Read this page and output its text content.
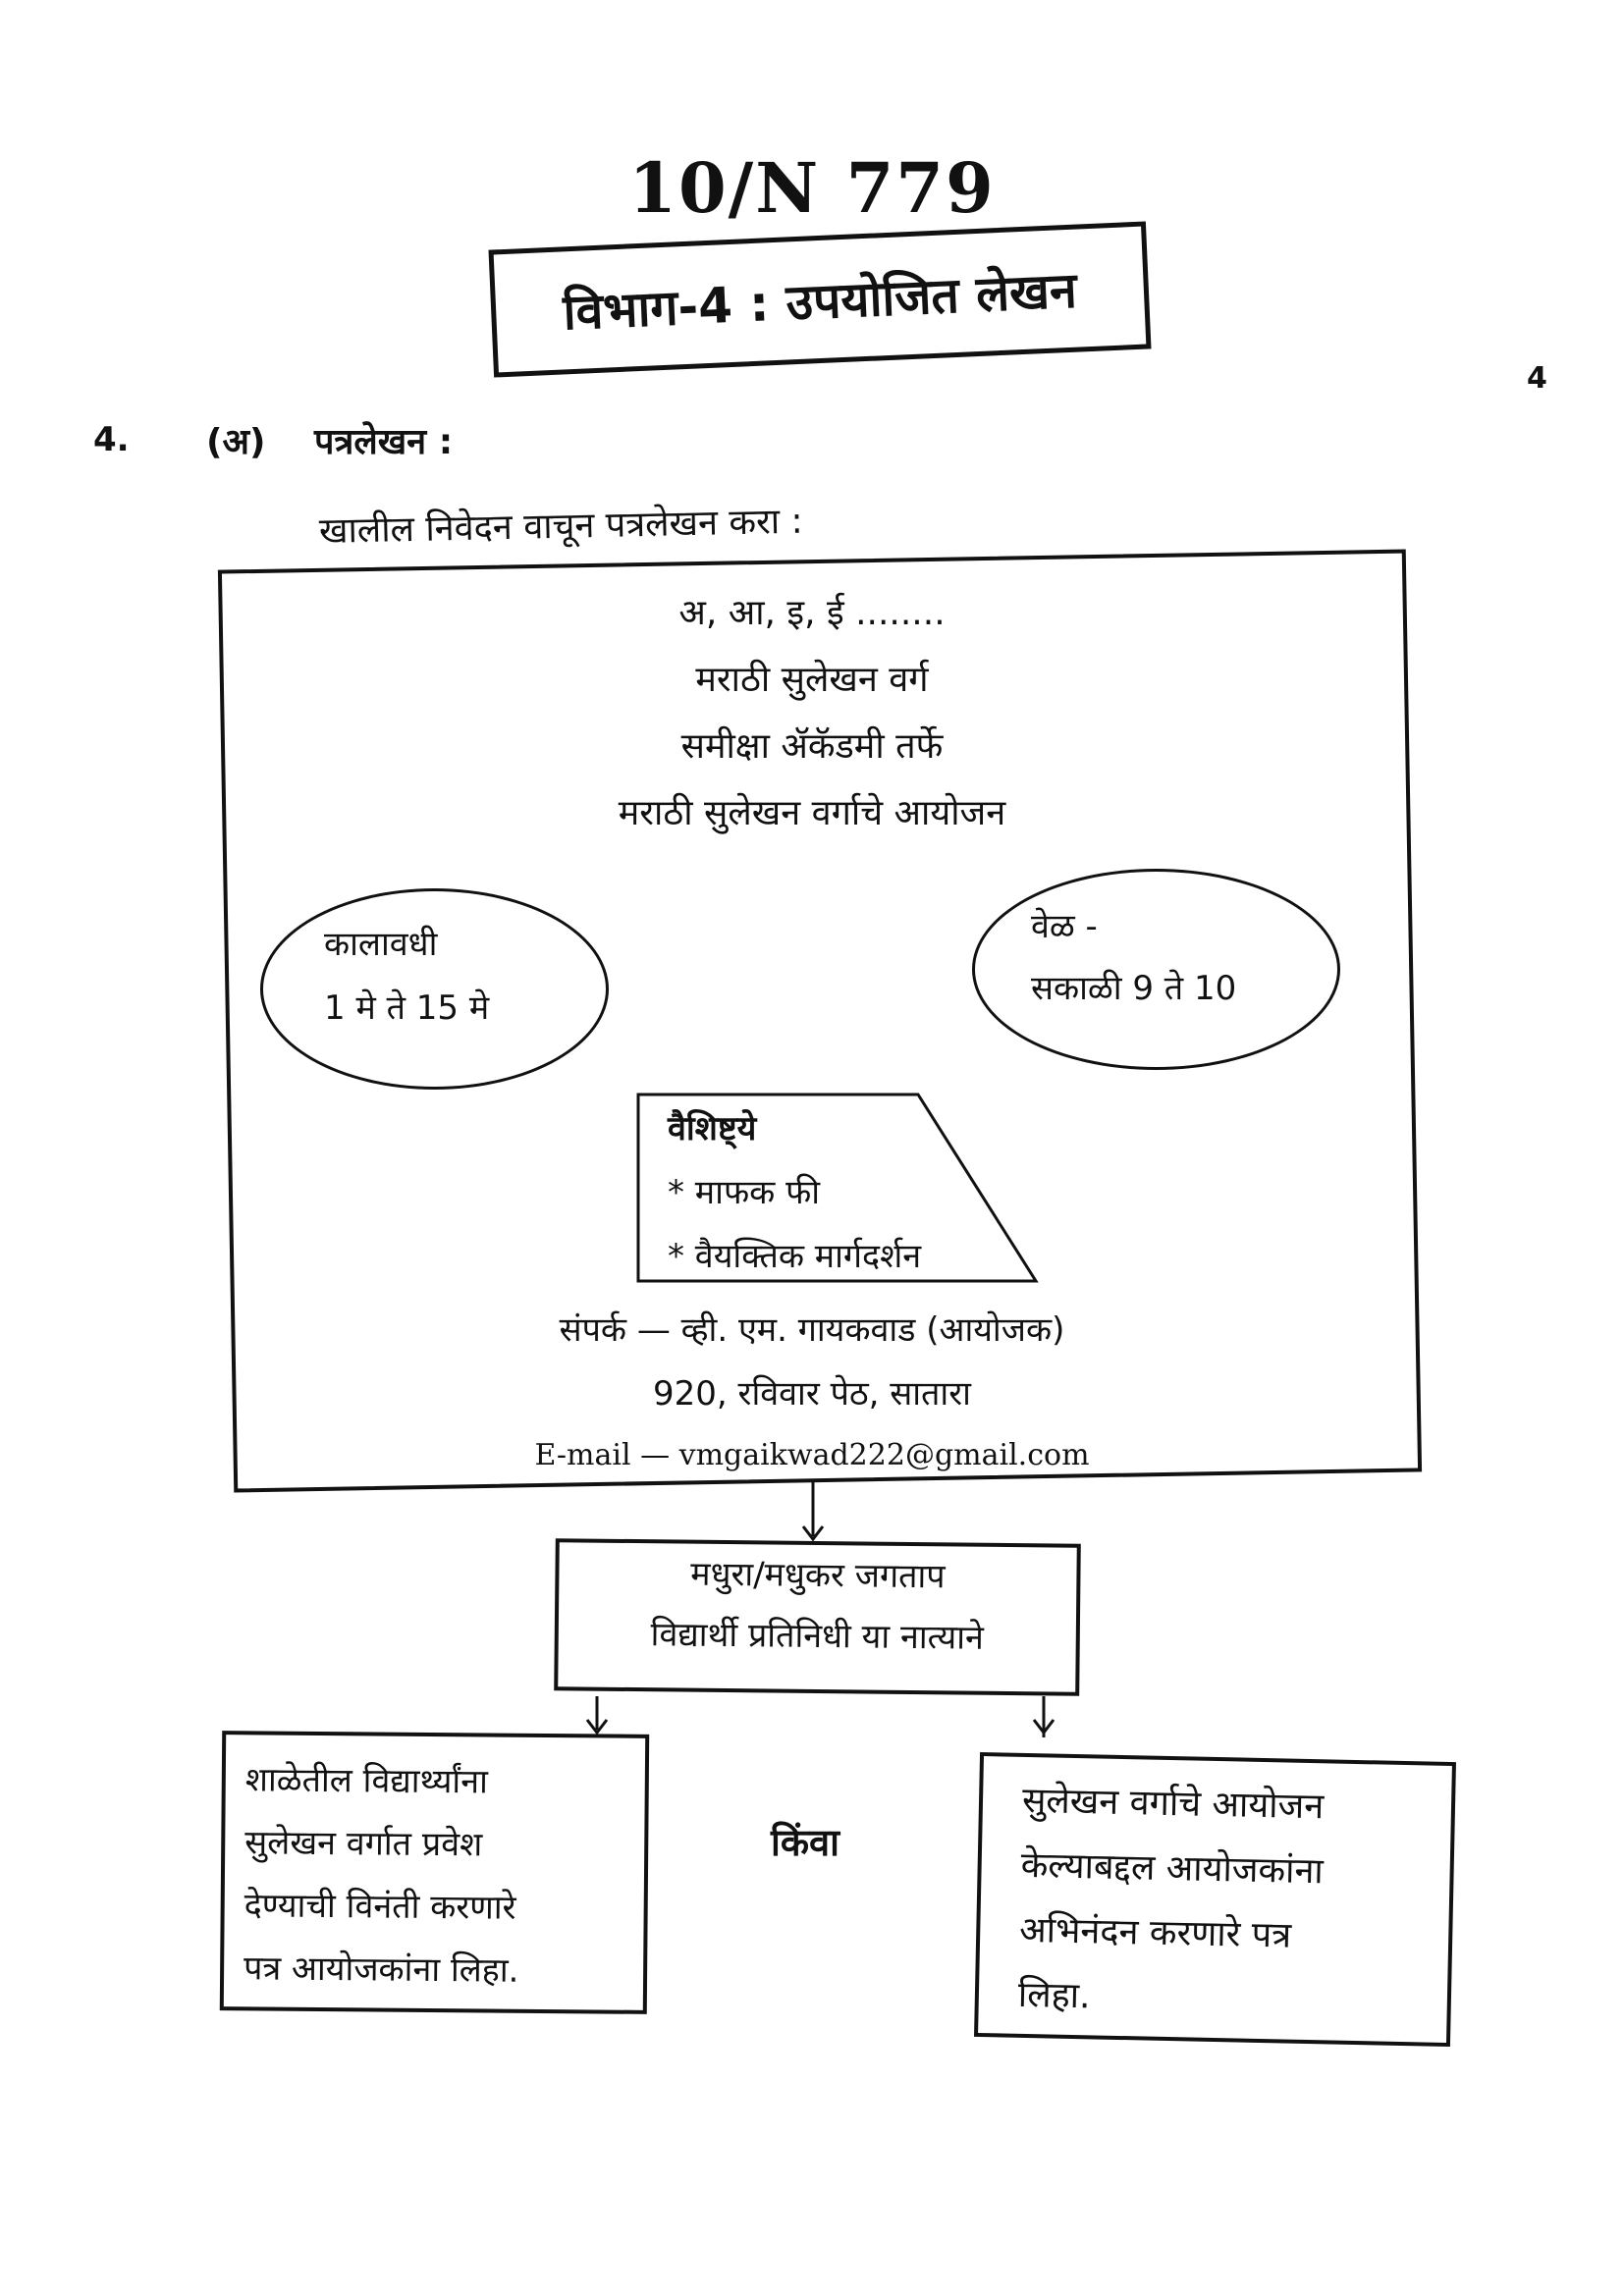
10/N 779
विभाग-4 : उपयोजित लेखन
4
4. (अ) पत्रलेखन :
खालील निवेदन वाचून पत्रलेखन करा :
अ, आ, इ, ई ........
मराठी सुलेखन वर्ग
समीक्षा ॲकॅडमी तर्फे
मराठी सुलेखन वर्गाचे आयोजन
कालावधी
1 मे ते 15 मे
वेळ -
सकाळी 9 ते 10
वैशिष्ट्ये
* माफक फी
* वैयक्तिक मार्गदर्शन
संपर्क — व्ही. एम. गायकवाड (आयोजक)
920, रविवार पेठ, सातारा
E-mail — vmgaikwad222@gmail.com
मधुरा/मधुकर जगताप
विद्यार्थी प्रतिनिधी या नात्याने
शाळेतील विद्यार्थ्यांना
सुलेखन वर्गात प्रवेश
देण्याची विनंती करणारे
पत्र आयोजकांना लिहा.
किंवा
सुलेखन वर्गाचे आयोजन
केल्याबद्दल आयोजकांना
अभिनंदन करणारे पत्र
लिहा.
